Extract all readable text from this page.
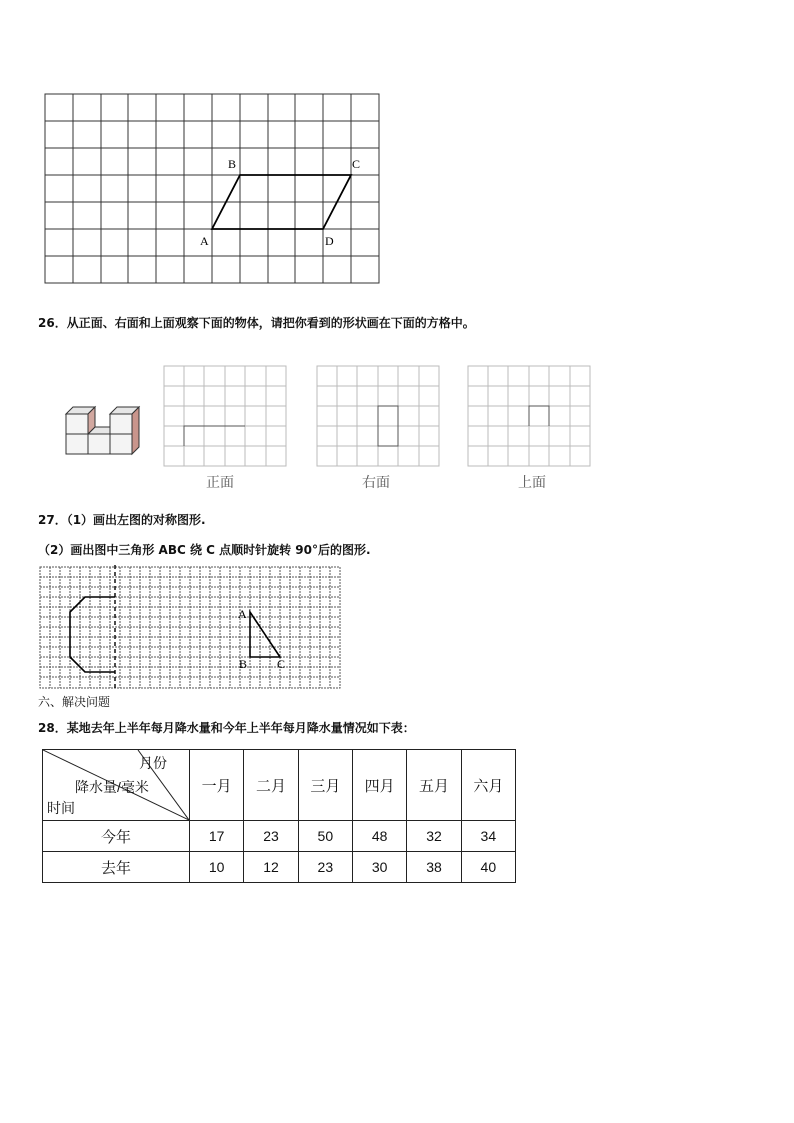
A
B	C
D
26．从正面、右面和上面观察下面的物体，请把你看到的形状画在下面的方格中。
正面	右面	上面
27．（1）画出左图的对称图形.
（2）画出图中三角形 ABC 绕 C 点顺时针旋转 90°后的图形.
A
B C
六、解决问题
28．某地去年上半年每月降水量和今年上半年每月降水量情况如下表：
月份
降水量/毫米
时间	一月	二月	三月	四月	五月	六月
今年	17	23	50	48	32	34
去年	10	12	23	30	38	40
